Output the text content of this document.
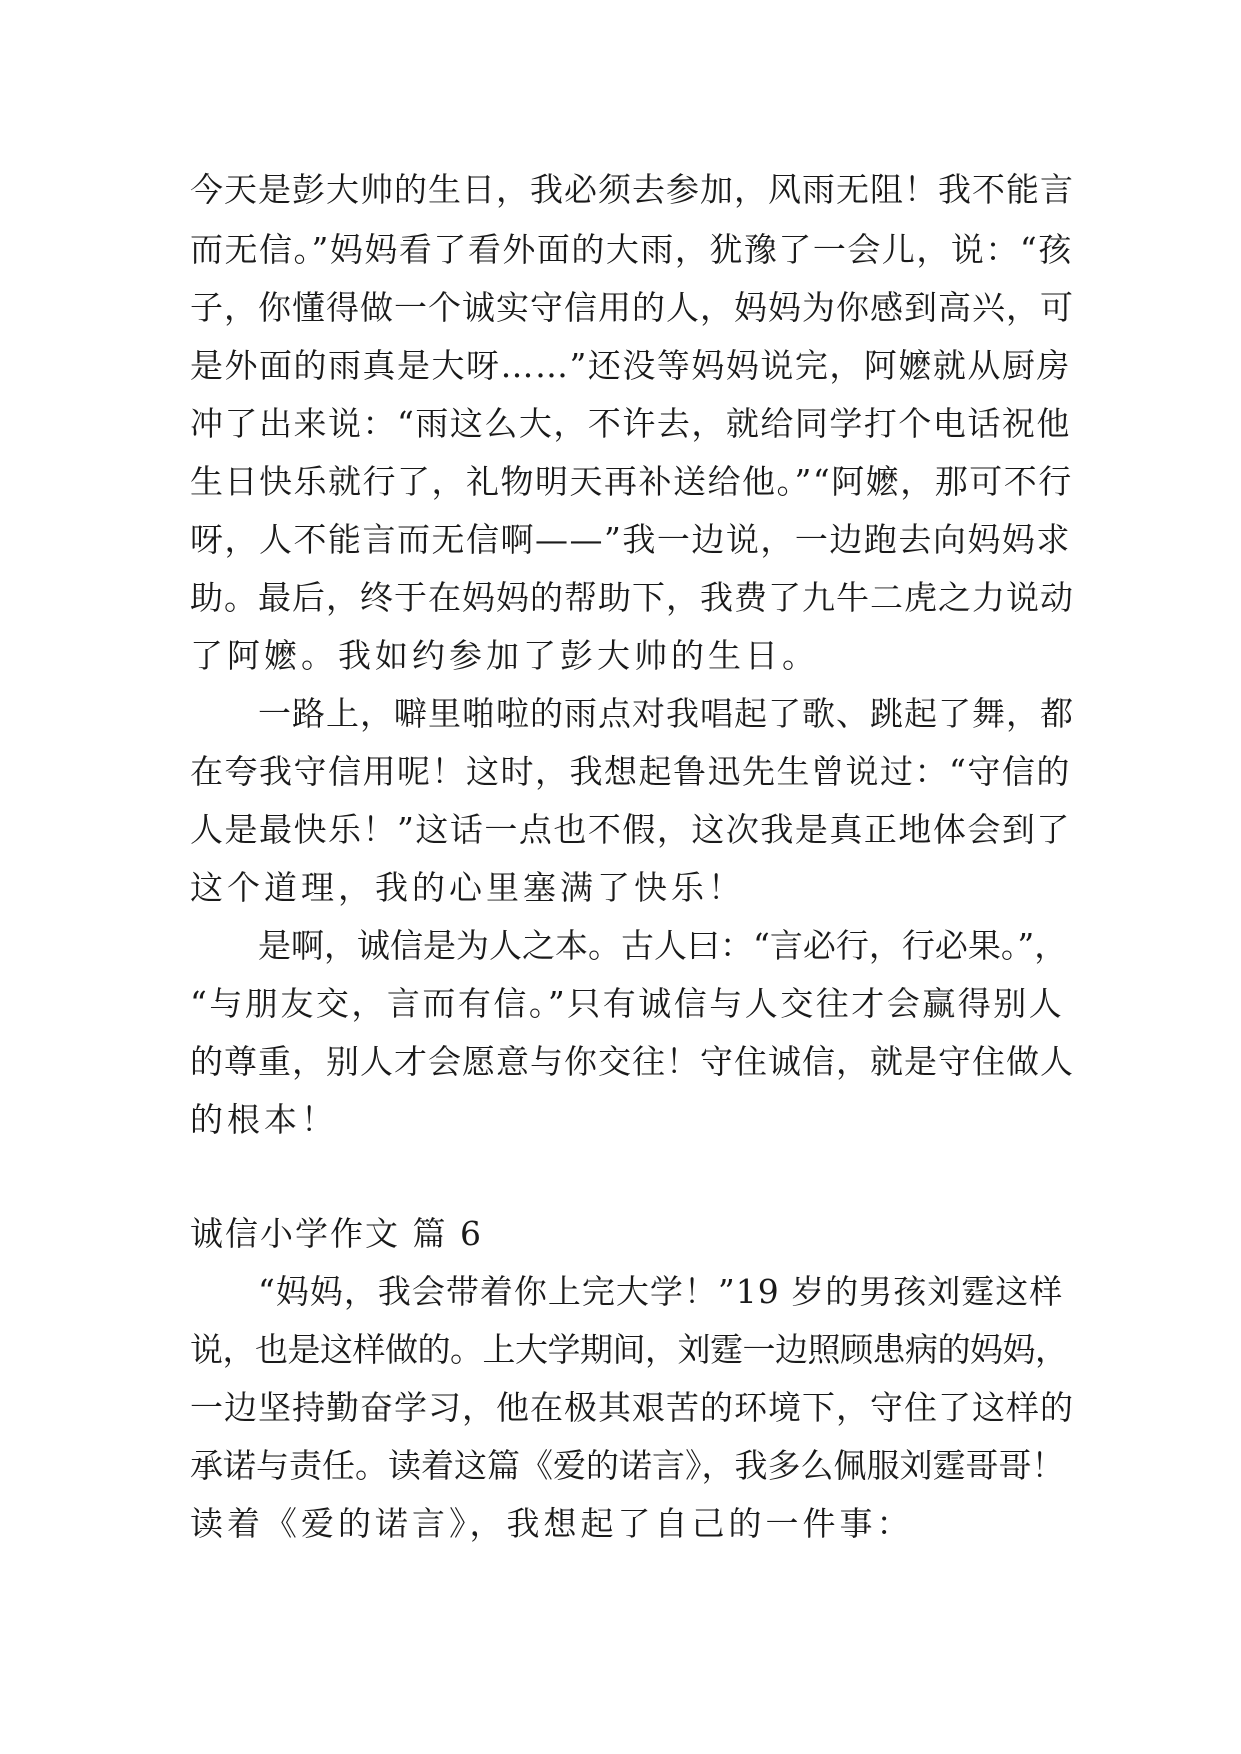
今天是彭大帅的生日，我必须去参加，风雨无阻！我不能言

而无信。”妈妈看了看外面的大雨，犹豫了一会儿，说：“孩

子，你懂得做一个诚实守信用的人，妈妈为你感到高兴，可

是外面的雨真是大呀……”还没等妈妈说完，阿嬷就从厨房

冲了出来说：“雨这么大，不许去，就给同学打个电话祝他

生日快乐就行了，礼物明天再补送给他。”“阿嬷，那可不行

呀，人不能言而无信啊——”我一边说，一边跑去向妈妈求

助。最后，终于在妈妈的帮助下，我费了九牛二虎之力说动

了阿嬷。我如约参加了彭大帅的生日。

一路上，噼里啪啦的雨点对我唱起了歌、跳起了舞，都

在夸我守信用呢！这时，我想起鲁迅先生曾说过：“守信的

人是最快乐！”这话一点也不假，这次我是真正地体会到了

这个道理，我的心里塞满了快乐！

是啊，诚信是为人之本。古人曰：“言必行，行必果。”，

“与朋友交，言而有信。”只有诚信与人交往才会赢得别人

的尊重，别人才会愿意与你交往！守住诚信，就是守住做人

的根本！

诚信小学作文 篇 6

“妈妈，我会带着你上完大学！”19 岁的男孩刘霆这样

说，也是这样做的。上大学期间，刘霆一边照顾患病的妈妈，

一边坚持勤奋学习，他在极其艰苦的环境下，守住了这样的

承诺与责任。读着这篇《爱的诺言》，我多么佩服刘霆哥哥！

读着《爱的诺言》，我想起了自己的一件事：
